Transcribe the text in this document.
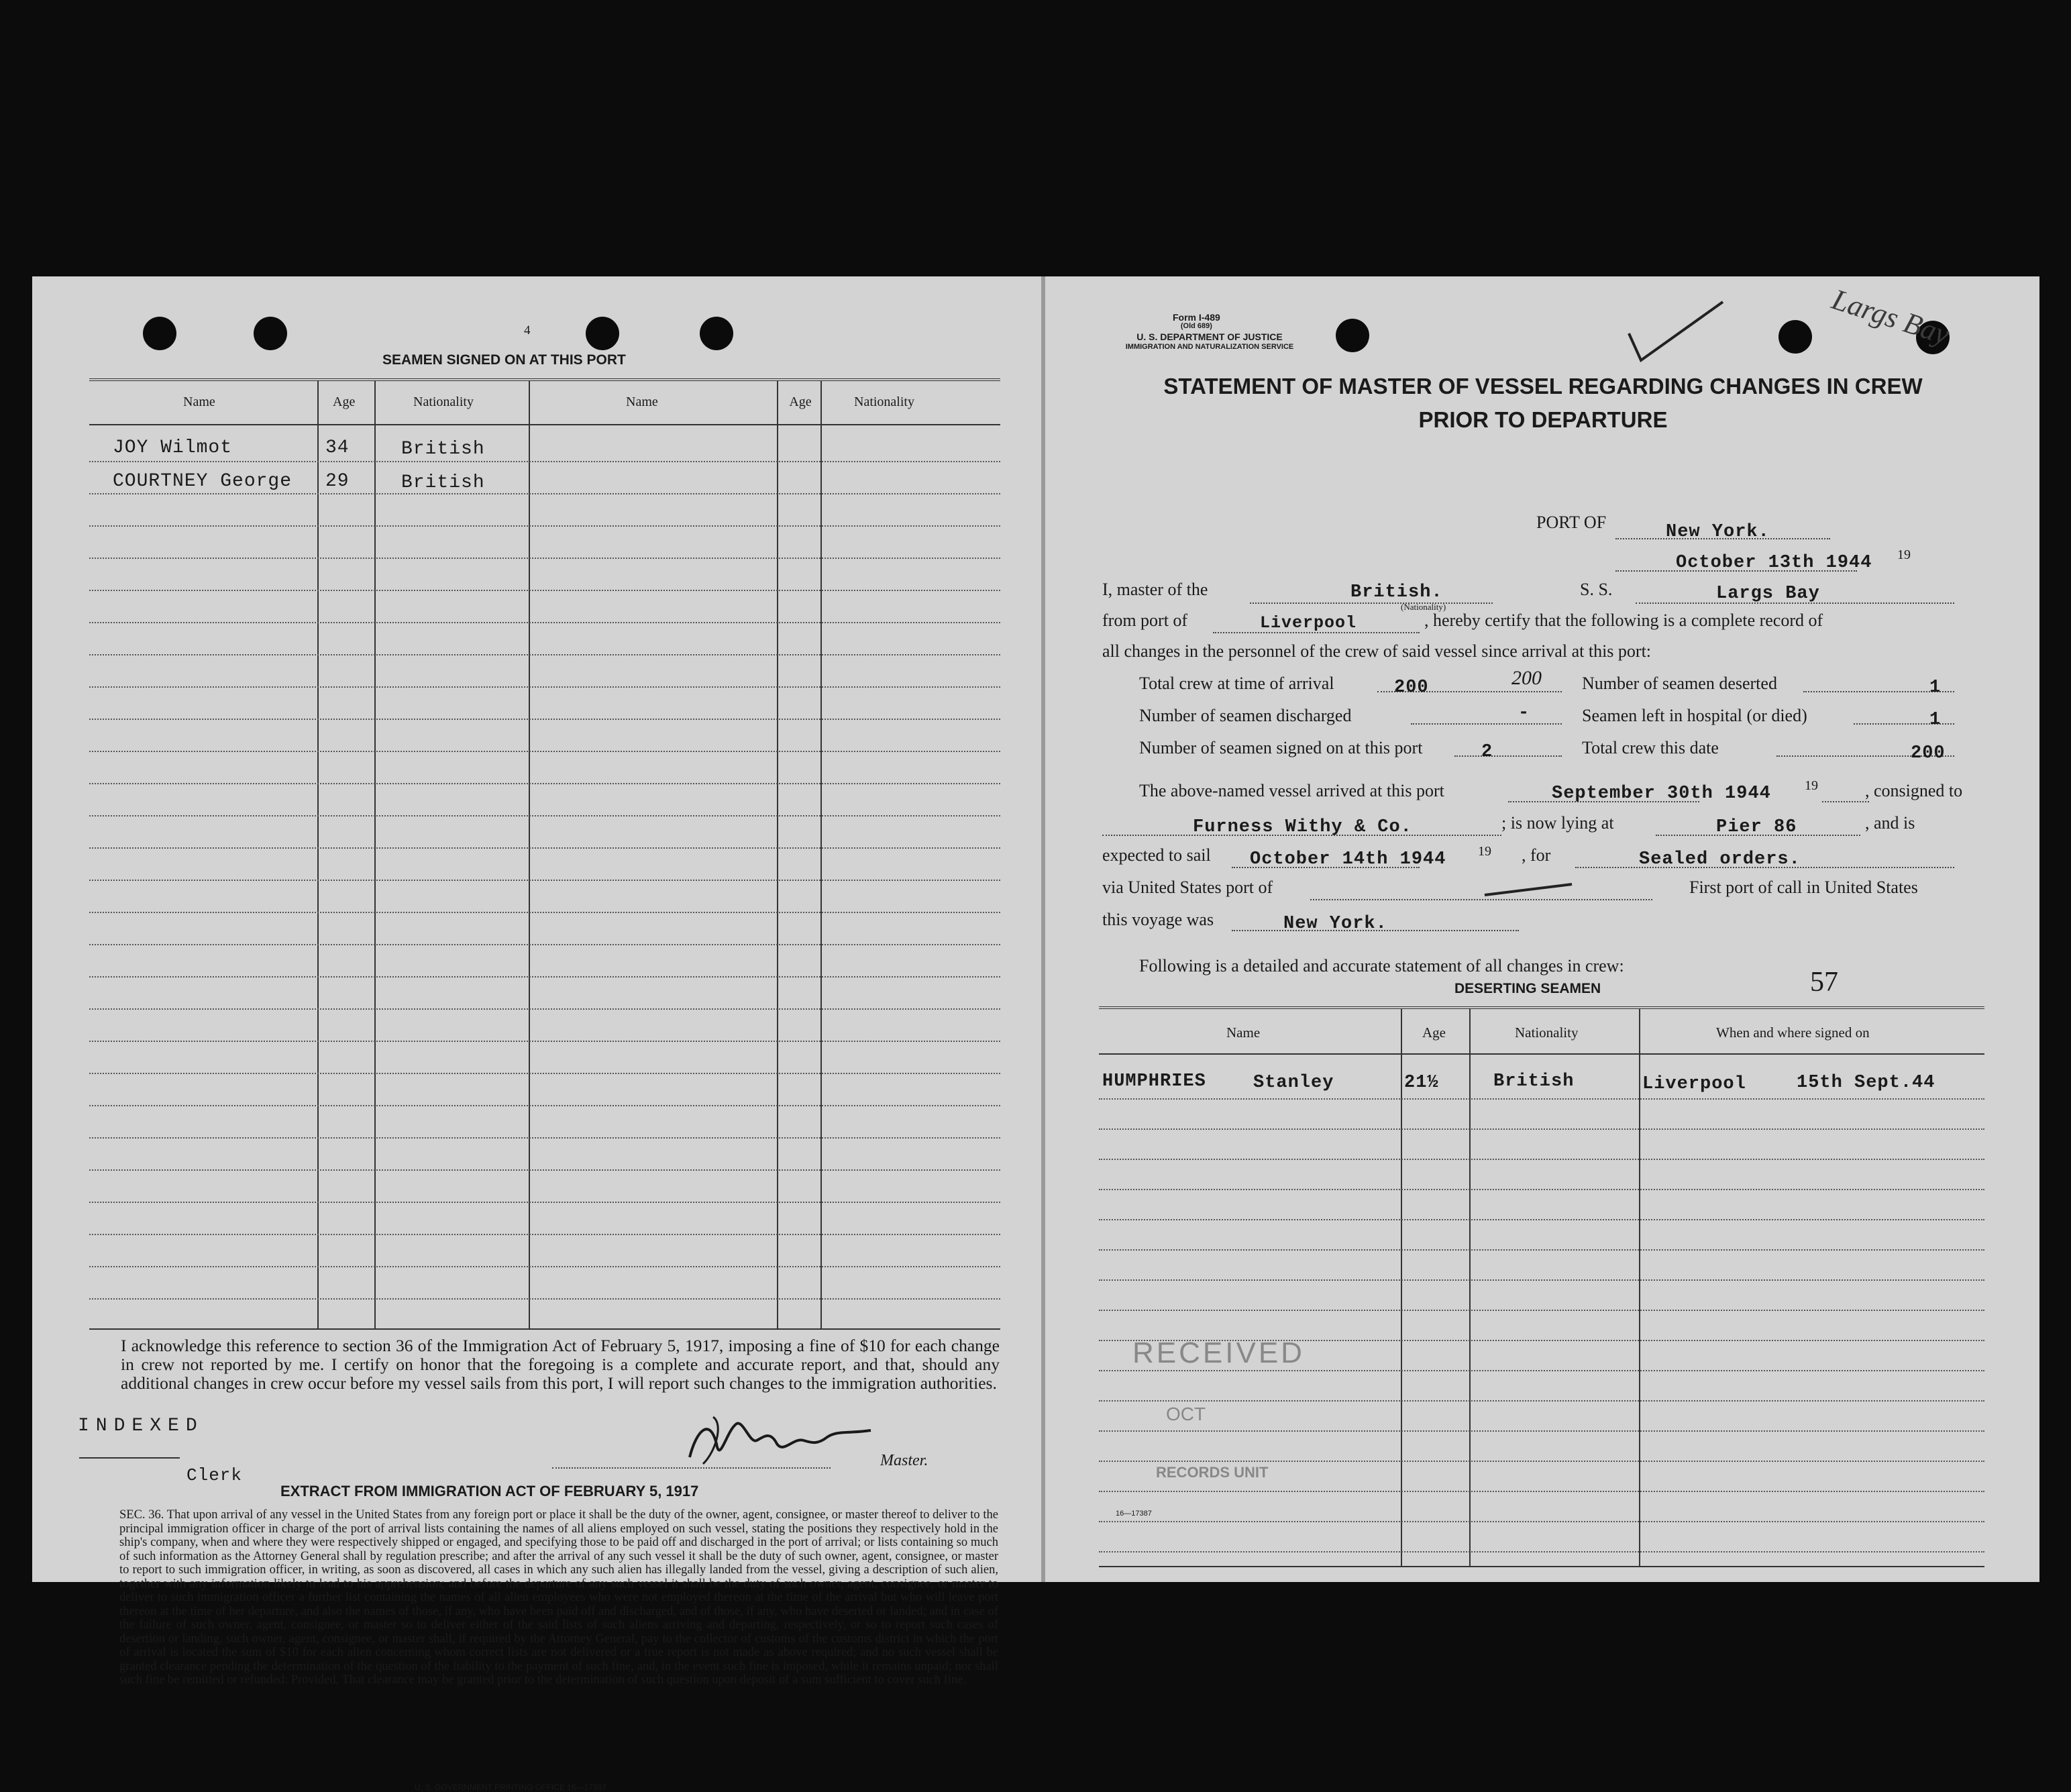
4
SEAMEN SIGNED ON AT THIS PORT
Name	Age	Nationality	Name	Age	Nationality
JOY Wilmot	34	British
COURTNEY George 29	British
I acknowledge this reference to section 36 of the Immigration Act of February 5, 1917, imposing a fine of $10 for each change in crew not reported by me. I certify on honor that the foregoing is a complete and accurate report, and that, should any additional changes in crew occur before my vessel sails from this port, I will report such changes to the immigration authorities.
INDEXED
Clerk
Master.
EXTRACT FROM IMMIGRATION ACT OF FEBRUARY 5, 1917
SEC. 36. That upon arrival of any vessel in the United States from any foreign port or place it shall be the duty of the owner, agent, consignee, or master thereof to deliver to the principal immigration officer in charge of the port of arrival lists containing the names of all aliens employed on such vessel, stating the positions they respectively hold in the ship's company, when and where they were respectively shipped or engaged, and specifying those to be paid off and discharged in the port of arrival; or lists containing so much of such information as the Attorney General shall by regulation prescribe; and after the arrival of any such vessel it shall be the duty of such owner, agent, consignee, or master to report to such immigration officer, in writing, as soon as discovered, all cases in which any such alien has illegally landed from the vessel, giving a description of such alien, together with any information likely to lead to his apprehension; and before the departure of any such vessel it shall be the duty of such owner, agent, consignee, or master to deliver to such immigration officer a further list containing the names of all alien employees who were not employed thereon at the time of the arrival but who will leave port thereon at the time of her departure, and also the names of those, if any, who have been paid off and discharged, and of those, if any, who have deserted or landed; and in case of the failure of such owner, agent, consignee, or master so to deliver either of the said lists of such aliens arriving and departing, respectively, or so to report such cases of desertion or landing, such owner, agent, consignee, or master shall, if required by the Attorney General, pay to the collector of customs of the customs district in which the port of arrival is located the sum of $10 for each alien concerning whom correct lists are not delivered or a true report is not made as above required; and no such vessel shall be granted clearance pending the determination of the question of the liability to the payment of such fine, and, in the event such fine is imposed, while it remains unpaid; nor shall such fine be remitted or refunded: Provided, That clearance may be granted prior to the determination of such question upon deposit of a sum sufficient to cover such fine.
U. S. GOVERNMENT PRINTING OFFICE 16—17387
Form I-489
(Old 689)
U. S. DEPARTMENT OF JUSTICE
IMMIGRATION AND NATURALIZATION SERVICE	Largs Bay
STATEMENT OF MASTER OF VESSEL REGARDING CHANGES IN CREW
PRIOR TO DEPARTURE
PORT OF	New York.
October 13th 1944 19
I, master of the	British.
(Nationality)
S. S.	Largs Bay
from port of	Liverpool	, hereby certify that the following is a complete record of
all changes in the personnel of the crew of said vessel since arrival at this port:
Total crew at time of arrival	200	200 Number of seamen deserted	1
Number of seamen discharged	-	Seamen left in hospital (or died)	1
Number of seamen signed on at this port	2	Total crew this date	200
The above-named vessel arrived at this port	September 30th 1944	19	, consigned to
Furness Withy & Co.	; is now lying at	Pier 86	, and is
expected to sail October 14th 1944 19 , for	Sealed orders.
via United States port of	First port of call in United States
this voyage was	New York.
Following is a detailed and accurate statement of all changes in crew:
DESERTING SEAMEN	57
Name	Age	Nationality	When and where signed on
HUMPHRIES	Stanley	21½	British	Liverpool	15th Sept.44
RECEIVED
OCT
RECORDS UNIT
16—17387
